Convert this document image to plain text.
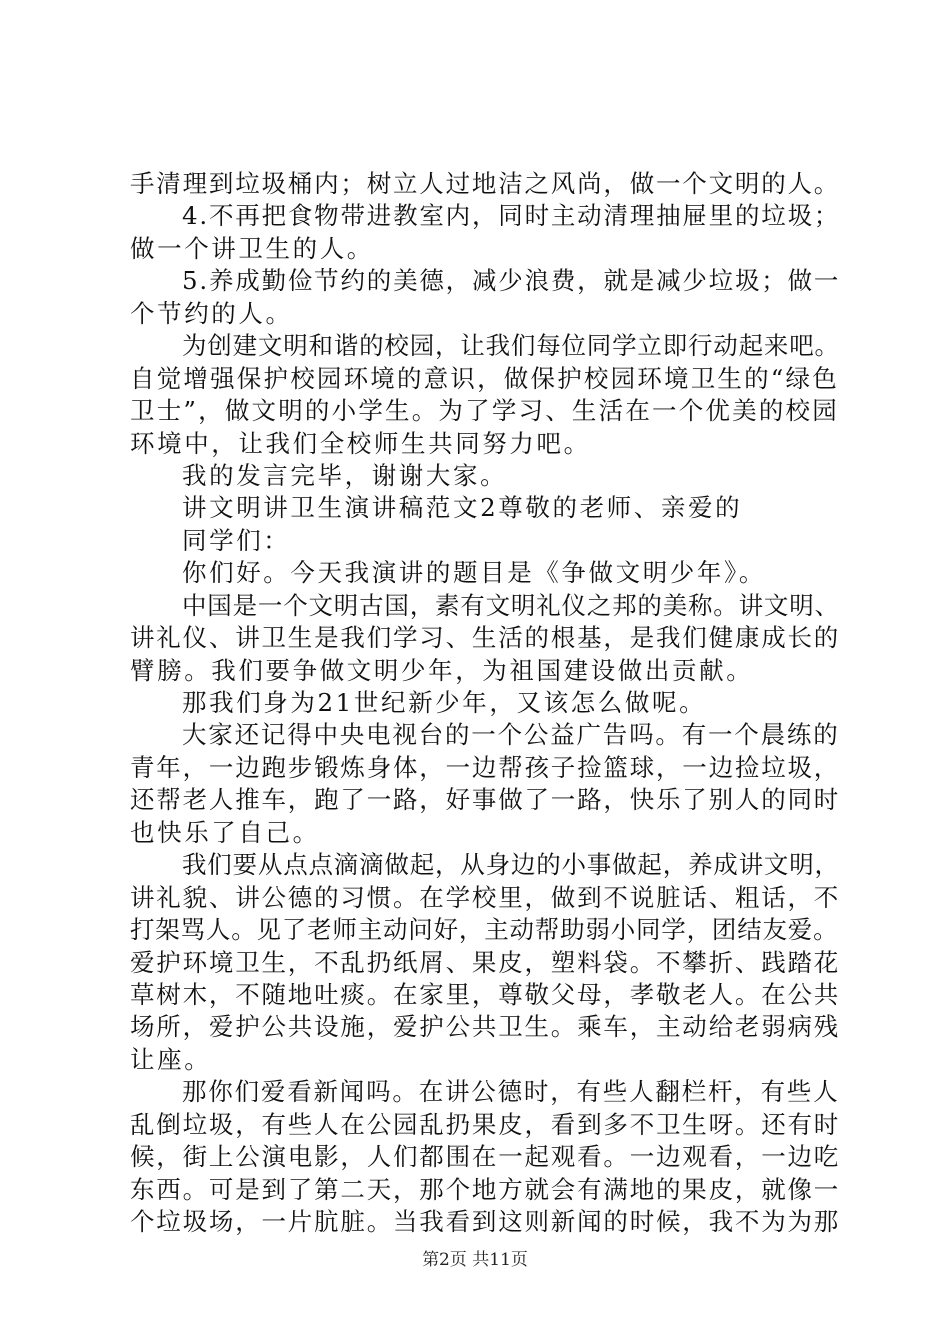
手清理到垃圾桶内；树立人过地洁之风尚，做一个文明的人。
4.不再把食物带进教室内，同时主动清理抽屉里的垃圾；
做一个讲卫生的人。
5.养成勤俭节约的美德，减少浪费，就是减少垃圾；做一
个节约的人。
为创建文明和谐的校园，让我们每位同学立即行动起来吧。
自觉增强保护校园环境的意识，做保护校园环境卫生的“绿色
卫士”，做文明的小学生。为了学习、生活在一个优美的校园
环境中，让我们全校师生共同努力吧。
我的发言完毕，谢谢大家。
讲文明讲卫生演讲稿范文2尊敬的老师、亲爱的
同学们：
你们好。今天我演讲的题目是《争做文明少年》。
中国是一个文明古国，素有文明礼仪之邦的美称。讲文明、
讲礼仪、讲卫生是我们学习、生活的根基，是我们健康成长的
臂膀。我们要争做文明少年，为祖国建设做出贡献。
那我们身为21世纪新少年，又该怎么做呢。
大家还记得中央电视台的一个公益广告吗。有一个晨练的
青年，一边跑步锻炼身体，一边帮孩子捡篮球，一边捡垃圾，
还帮老人推车，跑了一路，好事做了一路，快乐了别人的同时
也快乐了自己。
我们要从点点滴滴做起，从身边的小事做起，养成讲文明，
讲礼貌、讲公德的习惯。在学校里，做到不说脏话、粗话，不
打架骂人。见了老师主动问好，主动帮助弱小同学，团结友爱。
爱护环境卫生，不乱扔纸屑、果皮，塑料袋。不攀折、践踏花
草树木，不随地吐痰。在家里，尊敬父母，孝敬老人。在公共
场所，爱护公共设施，爱护公共卫生。乘车，主动给老弱病残
让座。
那你们爱看新闻吗。在讲公德时，有些人翻栏杆，有些人
乱倒垃圾，有些人在公园乱扔果皮，看到多不卫生呀。还有时
候，街上公演电影，人们都围在一起观看。一边观看，一边吃
东西。可是到了第二天，那个地方就会有满地的果皮，就像一
个垃圾场，一片肮脏。当我看到这则新闻的时候，我不为为那
第2页 共11页
